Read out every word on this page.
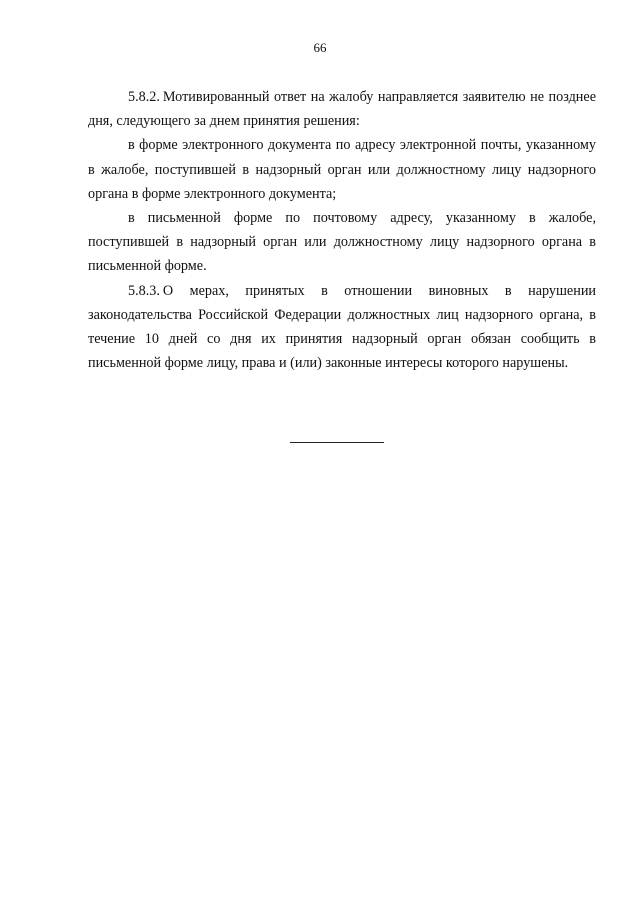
66

5.8.2. Мотивированный ответ на жалобу направляется заявителю не позднее дня, следующего за днем принятия решения:

в форме электронного документа по адресу электронной почты, указанному в жалобе, поступившей в надзорный орган или должностному лицу надзорного органа в форме электронного документа;

в письменной форме по почтовому адресу, указанному в жалобе, поступившей в надзорный орган или должностному лицу надзорного органа в письменной форме.

5.8.3. О мерах, принятых в отношении виновных в нарушении законодательства Российской Федерации должностных лиц надзорного органа, в течение 10 дней со дня их принятия надзорный орган обязан сообщить в письменной форме лицу, права и (или) законные интересы которого нарушены.
